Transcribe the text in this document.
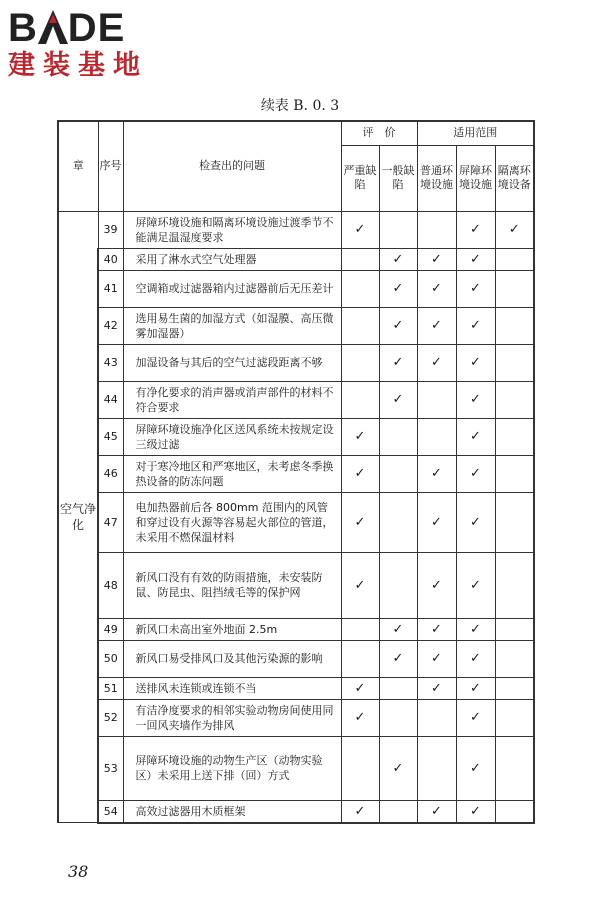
B DE
建装基地
续表 B. 0. 3
章	序号	检查出的问题	评　价		适用范围		
			严重缺陷	一般缺陷	普通环境设施	屏障环境设施	隔离环境设备
空气净化	39	屏障环境设施和隔离环境设施过渡季节不能满足温湿度要求	✓			✓	✓
	40	采用了淋水式空气处理器		✓	✓	✓	
	41	空调箱或过滤器箱内过滤器前后无压差计		✓	✓	✓	
	42	选用易生菌的加湿方式（如湿膜、高压微雾加湿器）		✓	✓	✓	
	43	加湿设备与其后的空气过滤段距离不够		✓	✓	✓	
	44	有净化要求的消声器或消声部件的材料不符合要求		✓		✓	
	45	屏障环境设施净化区送风系统未按规定设三级过滤	✓			✓	
	46	对于寒冷地区和严寒地区，未考虑冬季换热设备的防冻问题	✓		✓	✓	
	47	电加热器前后各 800mm 范围内的风管和穿过设有火源等容易起火部位的管道，未采用不燃保温材料	✓		✓	✓	
	48	新风口没有有效的防雨措施，未安装防鼠、防昆虫、阻挡绒毛等的保护网	✓		✓	✓	
	49	新风口未高出室外地面 2.5m		✓	✓	✓	
	50	新风口易受排风口及其他污染源的影响		✓	✓	✓	
	51	送排风未连锁或连锁不当	✓		✓	✓	
	52	有洁净度要求的相邻实验动物房间使用同一回风夹墙作为排风	✓			✓	
	53	屏障环境设施的动物生产区（动物实验区）未采用上送下排（回）方式		✓		✓	
	54	高效过滤器用木质框架	✓		✓	✓	
38
